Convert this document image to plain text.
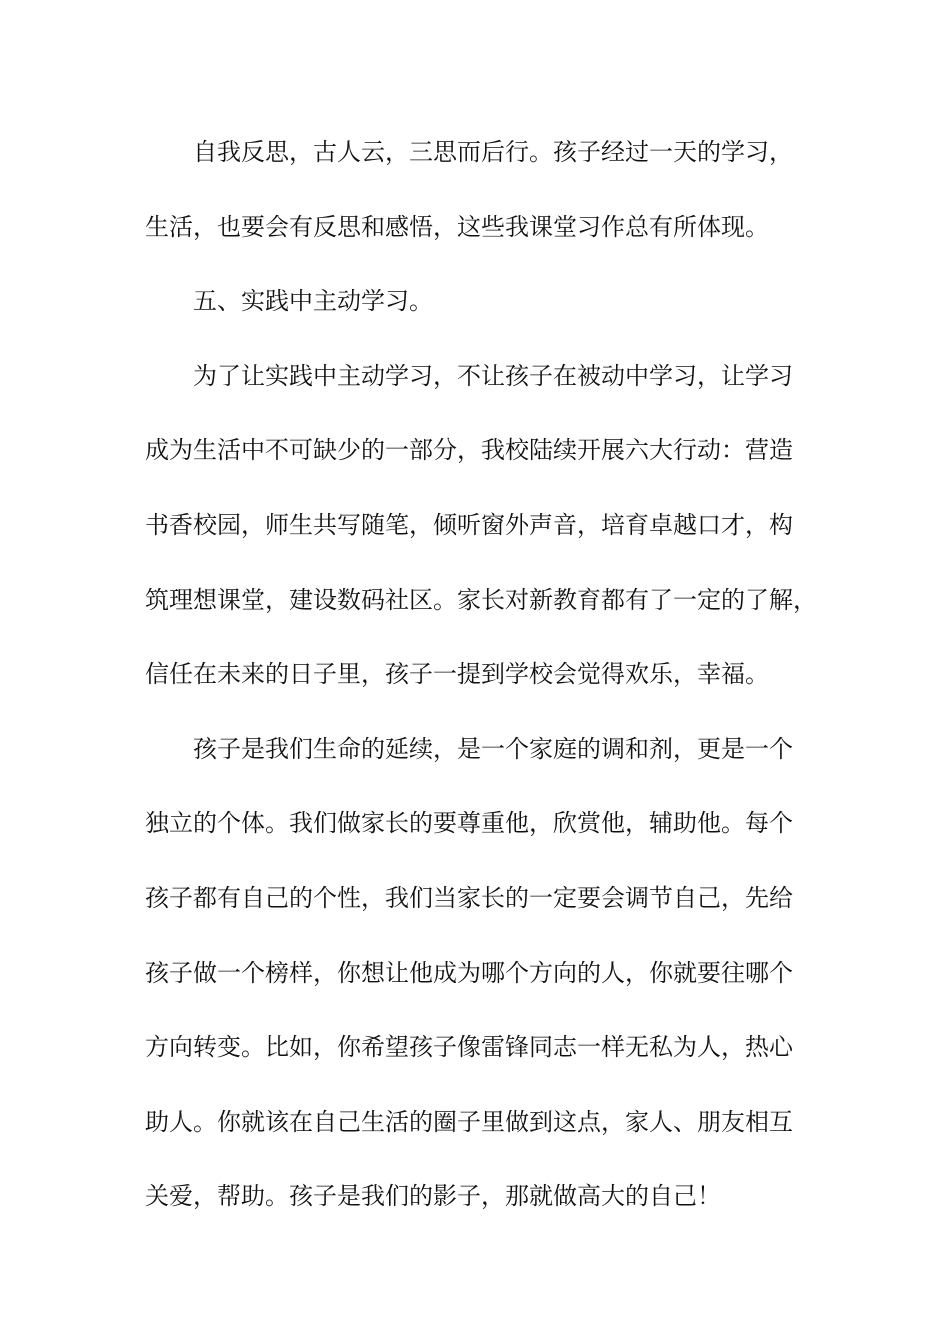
自我反思，古人云，三思而后行。孩子经过一天的学习，
生活，也要会有反思和感悟，这些我课堂习作总有所体现。
五、实践中主动学习。
为了让实践中主动学习，不让孩子在被动中学习，让学习
成为生活中不可缺少的一部分，我校陆续开展六大行动：营造
书香校园，师生共写随笔，倾听窗外声音，培育卓越口才，构
筑理想课堂，建设数码社区。家长对新教育都有了一定的了解，
信任在未来的日子里，孩子一提到学校会觉得欢乐，幸福。
孩子是我们生命的延续，是一个家庭的调和剂，更是一个
独立的个体。我们做家长的要尊重他，欣赏他，辅助他。每个
孩子都有自己的个性，我们当家长的一定要会调节自己，先给
孩子做一个榜样，你想让他成为哪个方向的人，你就要往哪个
方向转变。比如，你希望孩子像雷锋同志一样无私为人，热心
助人。你就该在自己生活的圈子里做到这点，家人、朋友相互
关爱，帮助。孩子是我们的影子，那就做高大的自己！
